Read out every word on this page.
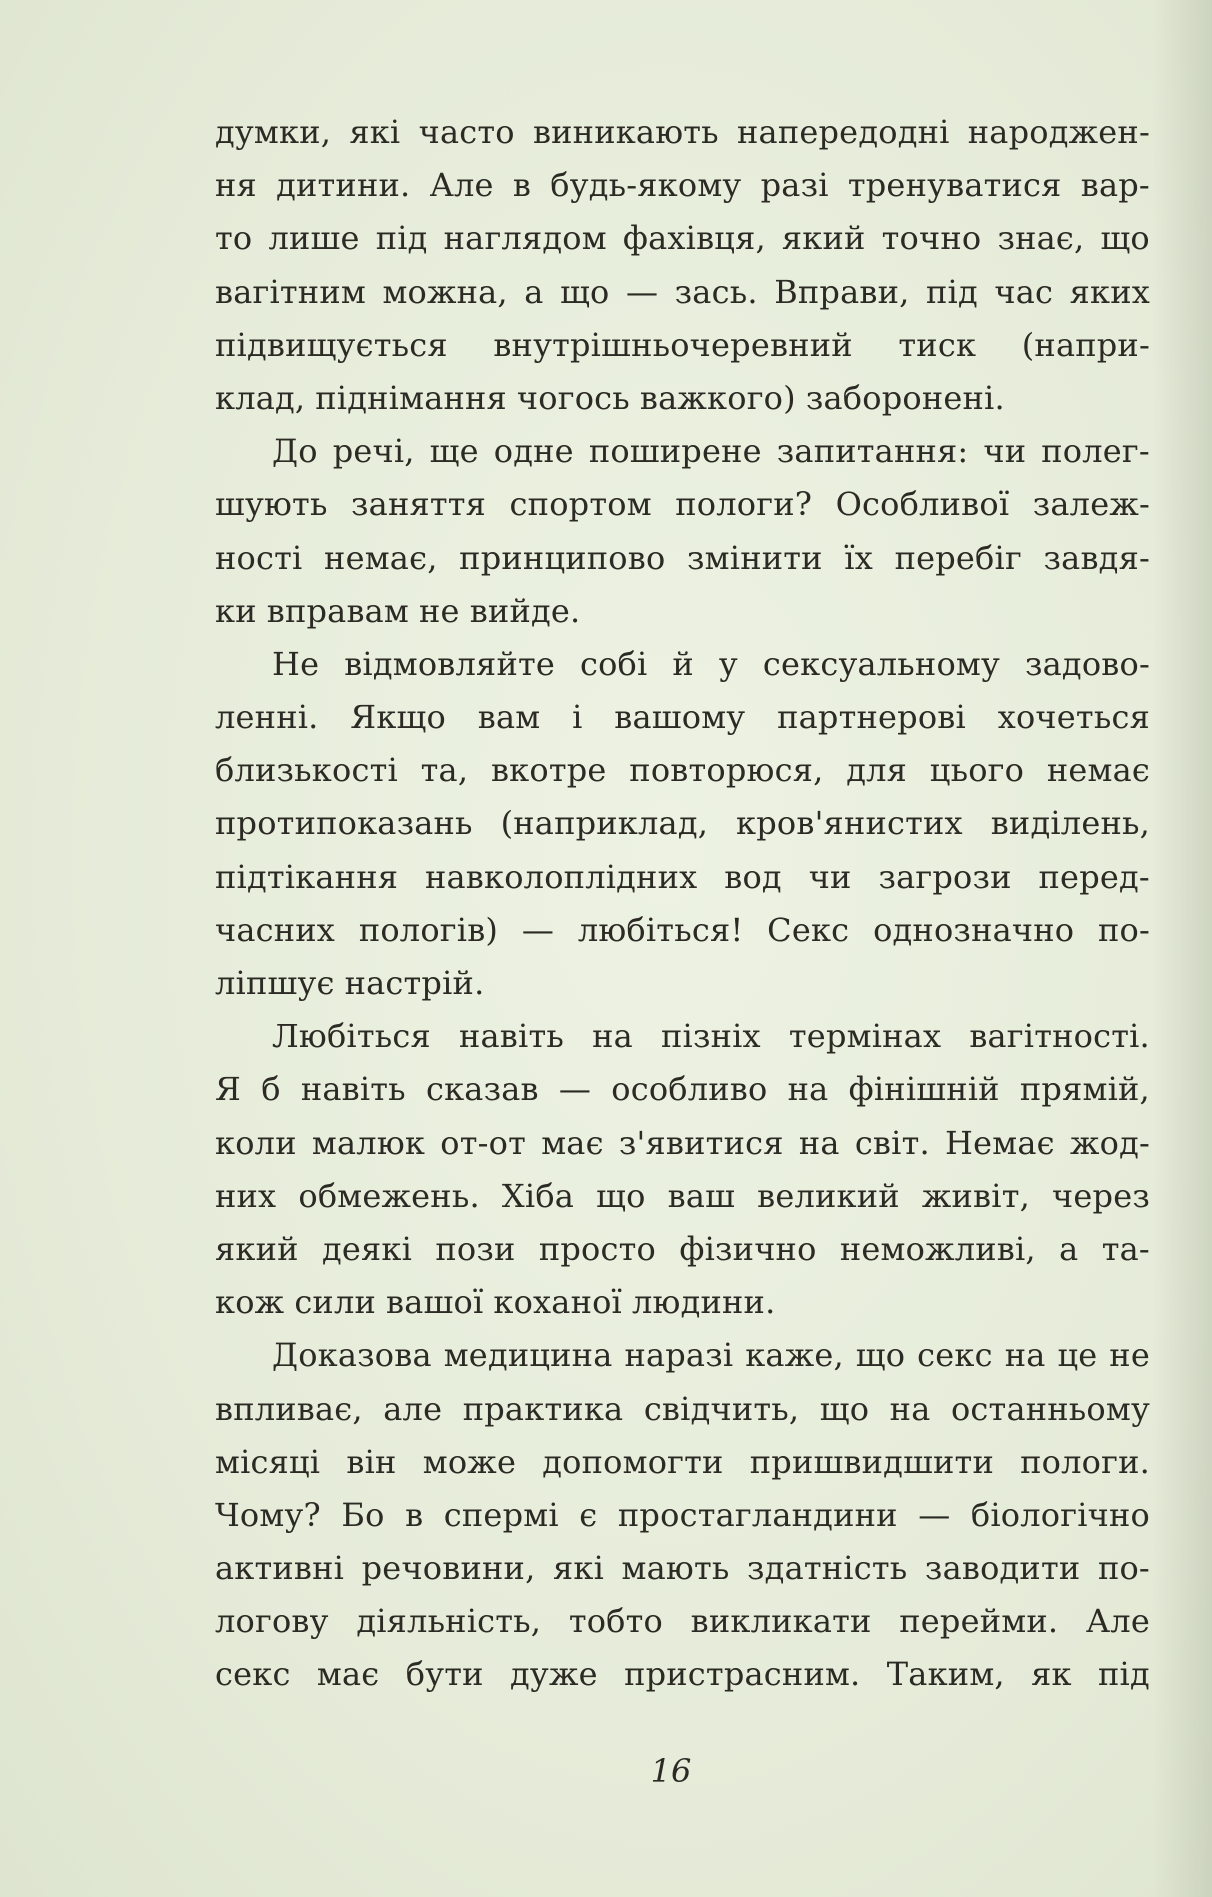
думки, які часто виникають напередодні народжен-
ня дитини. Але в будь-якому разі тренуватися вар-
то лише під наглядом фахівця, який точно знає, що
вагітним можна, а що — зась. Вправи, під час яких
підвищується внутрішньочеревний тиск (напри-
клад, піднімання чогось важкого) заборонені.
До речі, ще одне поширене запитання: чи полег-
шують заняття спортом пологи? Особливої залеж-
ності немає, принципово змінити їх перебіг завдя-
ки вправам не вийде.
Не відмовляйте собі й у сексуальному задово-
ленні. Якщо вам і вашому партнерові хочеться
близькості та, вкотре повторюся, для цього немає
протипоказань (наприклад, кров'янистих виділень,
підтікання навколоплідних вод чи загрози перед-
часних пологів) — любіться! Секс однозначно по-
ліпшує настрій.
Любіться навіть на пізніх термінах вагітності.
Я б навіть сказав — особливо на фінішній прямій,
коли малюк от-от має з'явитися на світ. Немає жод-
них обмежень. Хіба що ваш великий живіт, через
який деякі пози просто фізично неможливі, а та-
кож сили вашої коханої людини.
Доказова медицина наразі каже, що секс на це не
впливає, але практика свідчить, що на останньому
місяці він може допомогти пришвидшити пологи.
Чому? Бо в спермі є простагландини — біологічно
активні речовини, які мають здатність заводити по-
логову діяльність, тобто викликати перейми. Але
секс має бути дуже пристрасним. Таким, як під
16
